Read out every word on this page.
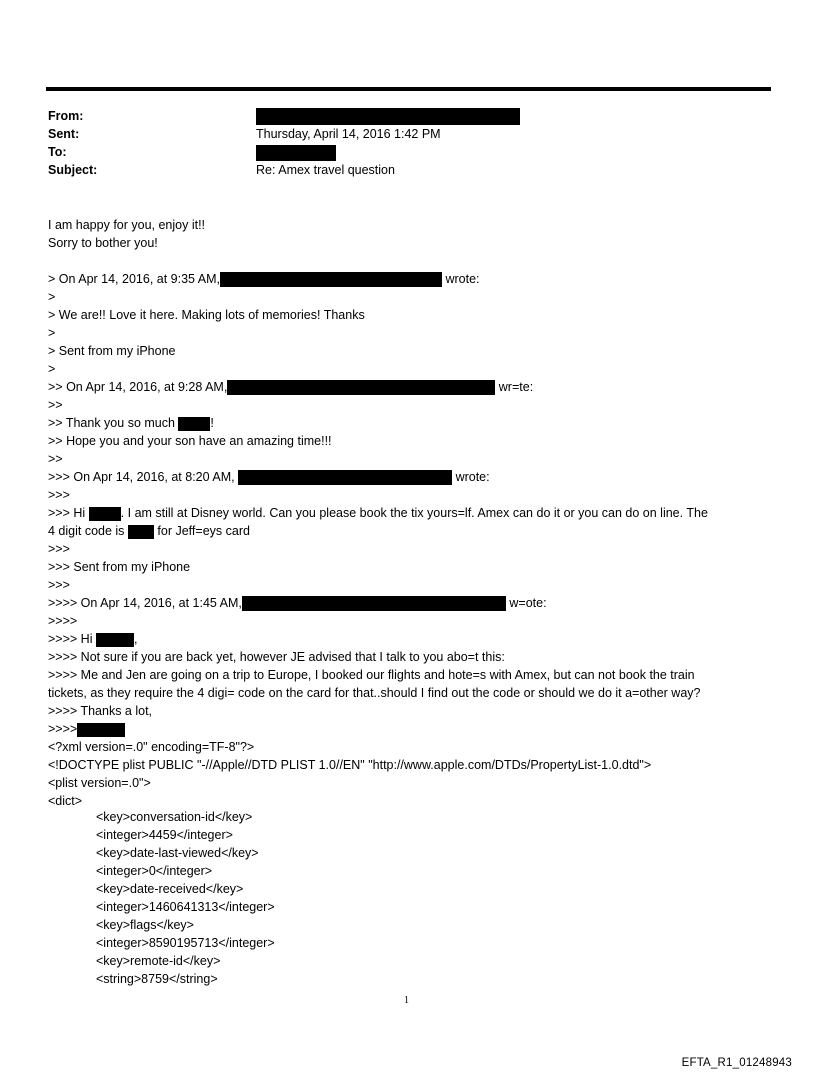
From:
Sent:	Thursday, April 14, 2016 1:42 PM
To:
Subject:	Re: Amex travel question
I am happy for you, enjoy it!!
Sorry to bother you!
> On Apr 14, 2016, at 9:35 AM,	wrote:
>
> We are!! Love it here. Making lots of memories! Thanks
>
> Sent from my iPhone
>
>> On Apr 14, 2016, at 9:28 AM,	wr=te:
>>
>> Thank you so much	!
>> Hope you and your son have an amazing time!!!
>>
>>> On Apr 14, 2016, at 8:20 AM,	wrote:
>>>
>>> Hi	. I am still at Disney world. Can you please book the tix yours=lf. Amex can do it or you can do on line. The
4 digit code is	for Jeff=eys card
>>>
>>> Sent from my iPhone
>>>
>>>> On Apr 14, 2016, at 1:45 AM,	w=ote:
>>>>
>>>> Hi	,
>>>> Not sure if you are back yet, however JE advised that I talk to you abo=t this:
>>>> Me and Jen are going on a trip to Europe, I booked our flights and hote=s with Amex, but can not book the train
tickets, as they require the 4 digi= code on the card for that..should I find out the code or should we do it a=other way?
>>>> Thanks a lot,
>>>>
<?xml version=.0" encoding=TF-8"?>
<!DOCTYPE plist PUBLIC "-//Apple//DTD PLIST 1.0//EN" "http://www.apple.com/DTDs/PropertyList-1.0.dtd">
<plist version=.0">
<dict>
<key>conversation-id</key>
<integer>4459</integer>
<key>date-last-viewed</key>
<integer>0</integer>
<key>date-received</key>
<integer>1460641313</integer>
<key>flags</key>
<integer>8590195713</integer>
<key>remote-id</key>
<string>8759</string>
1
EFTA_R1_01248943
